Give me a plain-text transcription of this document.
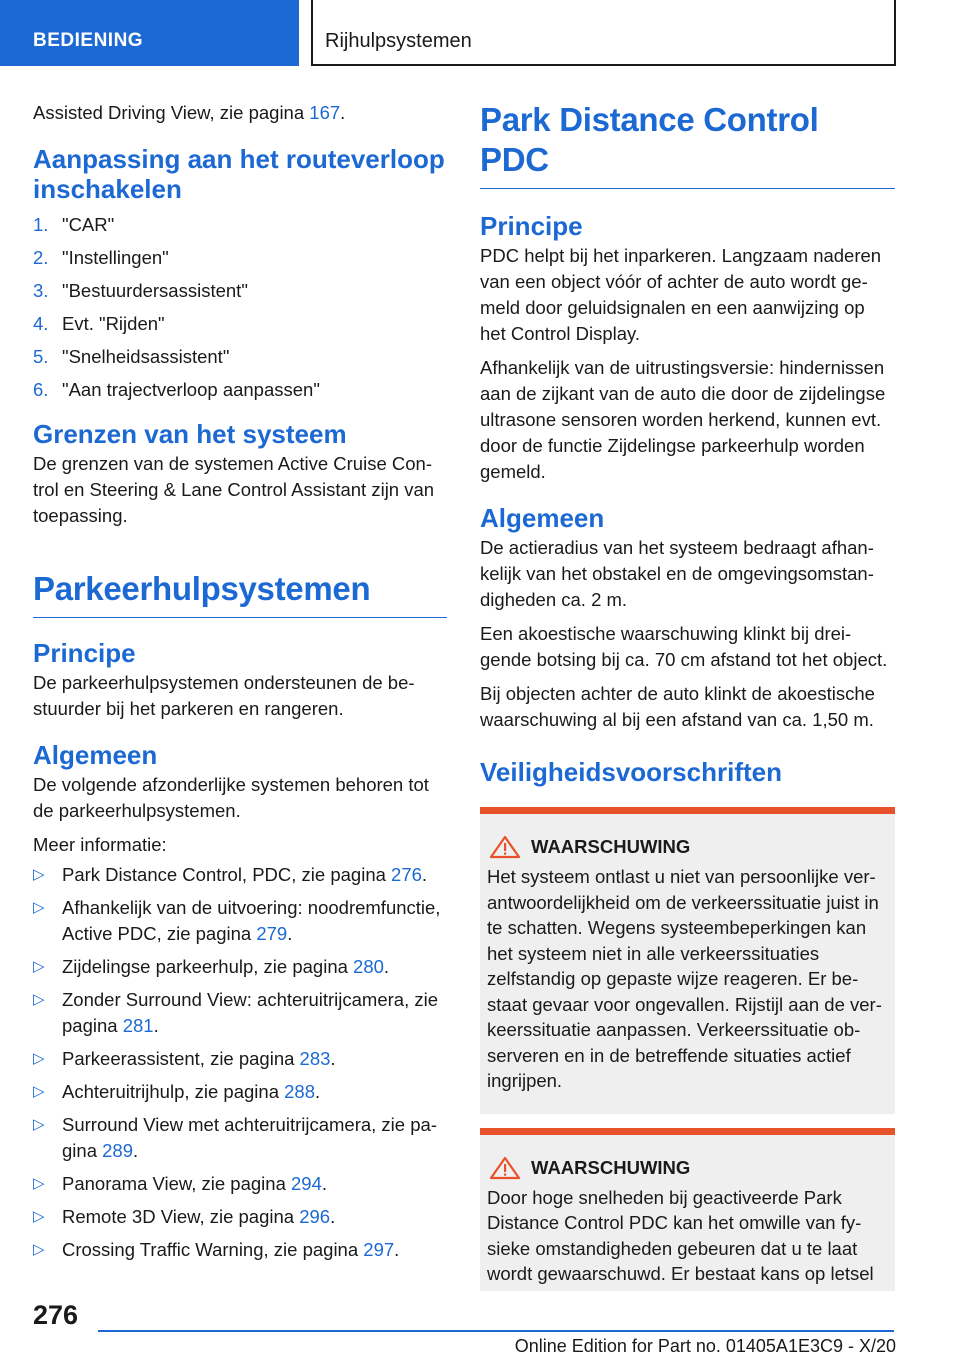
BEDIENING	Rijhulpsystemen

Assisted Driving View, zie pagina 167.

Aanpassing aan het routeverloop inschakelen
1. "CAR"
2. "Instellingen"
3. "Bestuurdersassistent"
4. Evt. "Rijden"
5. "Snelheidsassistent"
6. "Aan trajectverloop aanpassen"
Grenzen van het systeem

De grenzen van de systemen Active Cruise Control en Steering & Lane Control Assistant zijn van toepassing.

Parkeerhulpsystemen
Principe

De parkeerhulpsystemen ondersteunen de bestuurder bij het parkeren en rangeren.

Algemeen

De volgende afzonderlijke systemen behoren tot de parkeerhulpsystemen.

Meer informatie:

▷ Park Distance Control, PDC, zie pagina 276.
▷ Afhankelijk van de uitvoering: noodremfunctie, Active PDC, zie pagina 279.
▷ Zijdelingse parkeerhulp, zie pagina 280.
▷ Zonder Surround View: achteruitrijcamera, zie pagina 281.
▷ Parkeerassistent, zie pagina 283.
▷ Achteruitrijhulp, zie pagina 288.
▷ Surround View met achteruitrijcamera, zie pagina 289.
▷ Panorama View, zie pagina 294.
▷ Remote 3D View, zie pagina 296.
▷ Crossing Traffic Warning, zie pagina 297.
Park Distance Control PDC
Principe

PDC helpt bij het inparkeren. Langzaam naderen van een object vóór of achter de auto wordt gemeld door geluidsignalen en een aanwijzing op het Control Display.

Afhankelijk van de uitrustingsversie: hindernissen aan de zijkant van de auto die door de zijdelingse ultrasone sensoren worden herkend, kunnen evt. door de functie Zijdelingse parkeerhulp worden gemeld.

Algemeen

De actieradius van het systeem bedraagt afhankelijk van het obstakel en de omgevingsomstandigheden ca. 2 m.

Een akoestische waarschuwing klinkt bij dreigende botsing bij ca. 70 cm afstand tot het object.

Bij objecten achter de auto klinkt de akoestische waarschuwing al bij een afstand van ca. 1,50 m.

Veiligheidsvoorschriften
WAARSCHUWING
Het systeem ontlast u niet van persoonlijke verantwoordelijkheid om de verkeerssituatie juist in te schatten. Wegens systeembeperkingen kan het systeem niet in alle verkeerssituaties zelfstandig op gepaste wijze reageren. Er bestaat gevaar voor ongevallen. Rijstijl aan de verkeerssituatie aanpassen. Verkeerssituatie observeren en in de betreffende situaties actief ingrijpen.
WAARSCHUWING
Door hoge snelheden bij geactiveerde Park Distance Control PDC kan het omwille van fysieke omstandigheden gebeuren dat u te laat wordt gewaarschuwd. Er bestaat kans op letsel
276
Online Edition for Part no. 01405A1E3C9 - X/20
